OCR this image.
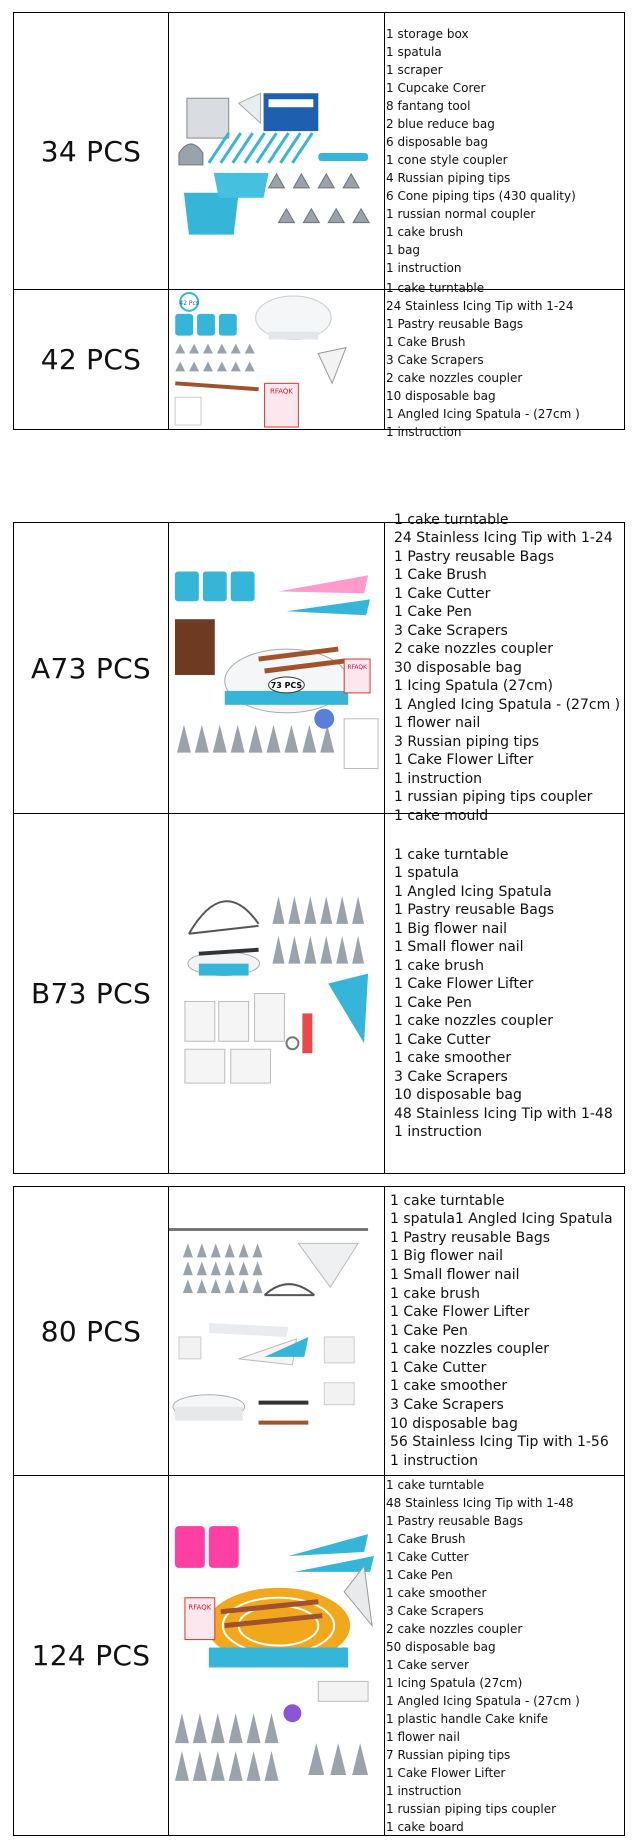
34 PCS
1 storage box
1 spatula
1 scraper
1 Cupcake Corer
8 fantang tool
2 blue reduce bag
6 disposable bag
1 cone style coupler
4 Russian piping tips
6 Cone piping tips (430 quality)
1 russian normal coupler
1 cake brush
1 bag
1 instruction
42 PCS
42 Pcs
RFAQK
1 cake turntable
24 Stainless Icing Tip with 1-24
1 Pastry reusable Bags
1 Cake Brush
3 Cake Scrapers
2 cake nozzles coupler
10 disposable bag
1 Angled Icing Spatula - (27cm )
1 instruction
A73 PCS
73 PCS
RFAQK
1 cake turntable
24 Stainless Icing Tip with 1-24
1 Pastry reusable Bags
1 Cake Brush
1 Cake Cutter
1 Cake Pen
3 Cake Scrapers
2 cake nozzles coupler
30 disposable bag
1 Icing Spatula (27cm)
1 Angled Icing Spatula - (27cm )
1 flower nail
3 Russian piping tips
1 Cake Flower Lifter
1 instruction
1 russian piping tips coupler
1 cake mould
B73 PCS
1 cake turntable
1 spatula
1 Angled Icing Spatula
1 Pastry reusable Bags
1 Big flower nail
1 Small flower nail
1 cake brush
1 Cake Flower Lifter
1 Cake Pen
1 cake nozzles coupler
1 Cake Cutter
1 cake smoother
3 Cake Scrapers
10 disposable bag
48 Stainless Icing Tip with 1-48
1 instruction
80 PCS
1 cake turntable
1 spatula1 Angled Icing Spatula
1 Pastry reusable Bags
1 Big flower nail
1 Small flower nail
1 cake brush
1 Cake Flower Lifter
1 Cake Pen
1 cake nozzles coupler
1 Cake Cutter
1 cake smoother
3 Cake Scrapers
10 disposable bag
56 Stainless Icing Tip with 1-56
1 instruction
124 PCS
RFAQK
1 cake turntable
48 Stainless Icing Tip with 1-48
1 Pastry reusable Bags
1 Cake Brush
1 Cake Cutter
1 Cake Pen
1 cake smoother
3 Cake Scrapers
2 cake nozzles coupler
50 disposable bag
1 Cake server
1 Icing Spatula (27cm)
1 Angled Icing Spatula - (27cm )
1 plastic handle Cake knife
1 flower nail
7 Russian piping tips
1 Cake Flower Lifter
1 instruction
1 russian piping tips coupler
1 cake board
